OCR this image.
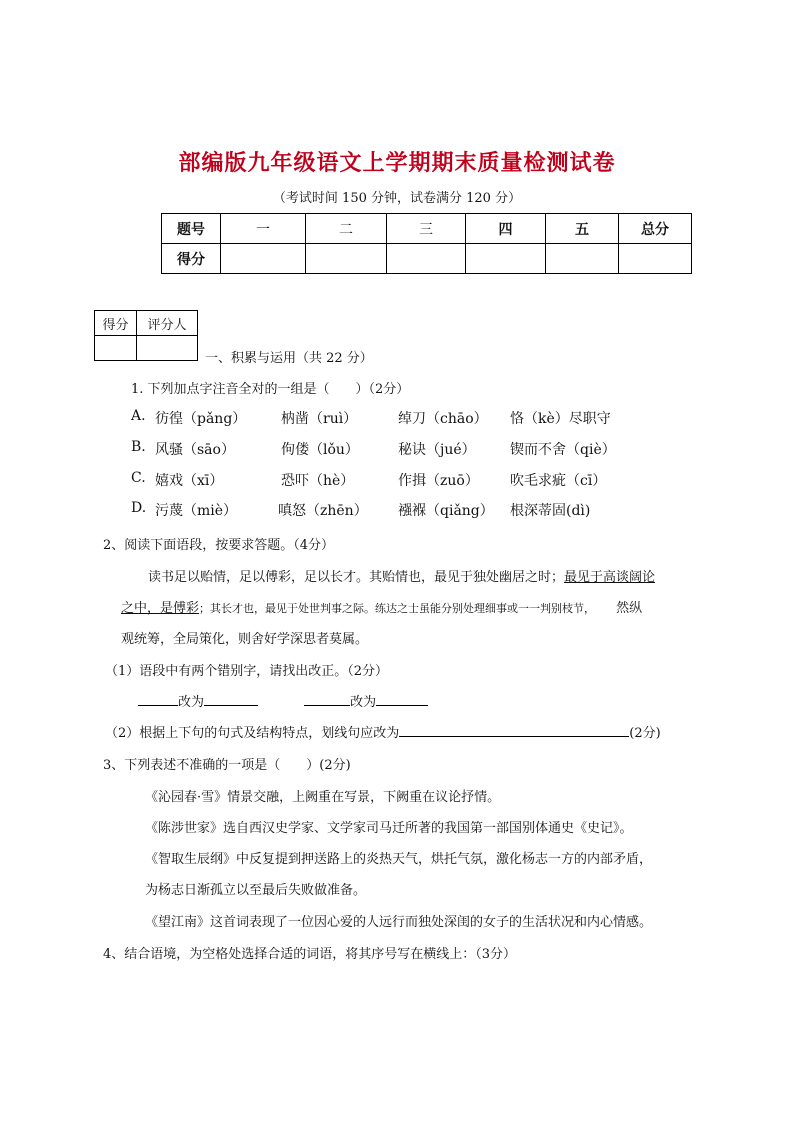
部编版九年级语文上学期期末质量检测试卷
（考试时间 150 分钟，试卷满分 120 分）
题号	一	二	三	四	五	总分
得分						
得分	评分人

一、积累与运用（共 22 分）
1. 下列加点字注音全对的一组是（　　）（2分）
A. 彷徨（pǎng） 枘凿（ruì）	绰刀（chāo） 恪（kè）尽职守
B. 风骚（sāo）	佝偻（lǒu）	秘诀（jué） 锲而不舍（qiè）
C. 嬉戏（xī）	恐吓（hè）	作揖（zuō） 吹毛求疵（cī）
D. 污蔑（miè）	嗔怒（zhēn） 襁褓（qiǎng） 根深蒂固(dì)
2、阅读下面语段，按要求答题。（4分）
读书足以贻情，足以傅彩，足以长才。其贻情也，最见于独处幽居之时；最见于高谈阔论
之中，是傅彩；其长才也，最见于处世判事之际。练达之士虽能分别处理细事或一一判别枝节， 然纵
观统筹，全局策化，则舍好学深思者莫属。
（1）语段中有两个错别字，请找出改正。（2分）
改为	改为
（2）根据上下句的句式及结构特点，划线句应改为	(2分)
3、下列表述不准确的一项是（　　）(2分)
《沁园春·雪》情景交融，上阙重在写景，下阙重在议论抒情。
《陈涉世家》选自西汉史学家、文学家司马迁所著的我国第一部国别体通史《史记》。
《智取生辰纲》中反复提到押送路上的炎热天气，烘托气氛，激化杨志一方的内部矛盾，
为杨志日渐孤立以至最后失败做准备。
《望江南》这首词表现了一位因心爱的人远行而独处深闺的女子的生活状况和内心情感。
4、结合语境，为空格处选择合适的词语，将其序号写在横线上：（3分）
